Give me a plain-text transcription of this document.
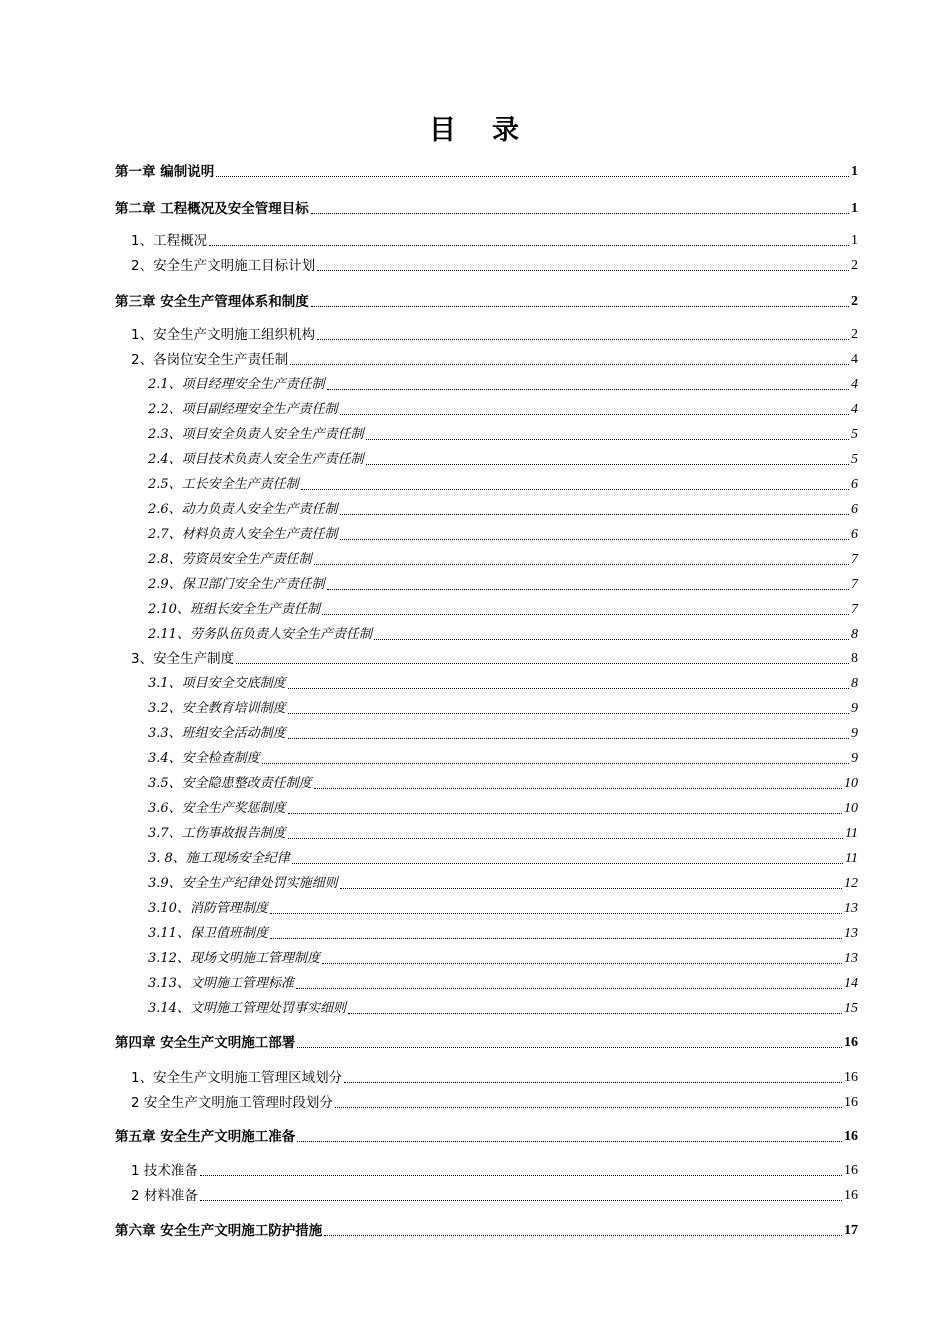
目 录
第一章 编制说明	1
第二章 工程概况及安全管理目标	1
1、工程概况	1
2、安全生产文明施工目标计划	2
第三章 安全生产管理体系和制度	2
1、安全生产文明施工组织机构	2
2、各岗位安全生产责任制	4
2.1、项目经理安全生产责任制	4
2.2、项目副经理安全生产责任制	4
2.3、项目安全负责人安全生产责任制	5
2.4、项目技术负责人安全生产责任制	5
2.5、工长安全生产责任制	6
2.6、动力负责人安全生产责任制	6
2.7、材料负责人安全生产责任制	6
2.8、劳资员安全生产责任制	7
2.9、保卫部门安全生产责任制	7
2.10、班组长安全生产责任制	7
2.11、劳务队伍负责人安全生产责任制	8
3、安全生产制度	8
3.1、项目安全交底制度	8
3.2、安全教育培训制度	9
3.3、班组安全活动制度	9
3.4、安全检查制度	9
3.5、安全隐患整改责任制度	10
3.6、安全生产奖惩制度	10
3.7、工伤事故报告制度	11
3. 8、施工现场安全纪律	11
3.9、安全生产纪律处罚实施细则	12
3.10、消防管理制度	13
3.11、保卫值班制度	13
3.12、现场文明施工管理制度	13
3.13、文明施工管理标准	14
3.14、文明施工管理处罚事实细则	15
第四章 安全生产文明施工部署	16
1、安全生产文明施工管理区域划分	16
2 安全生产文明施工管理时段划分	16
第五章 安全生产文明施工准备	16
1 技术准备	16
2 材料准备	16
第六章 安全生产文明施工防护措施	17
